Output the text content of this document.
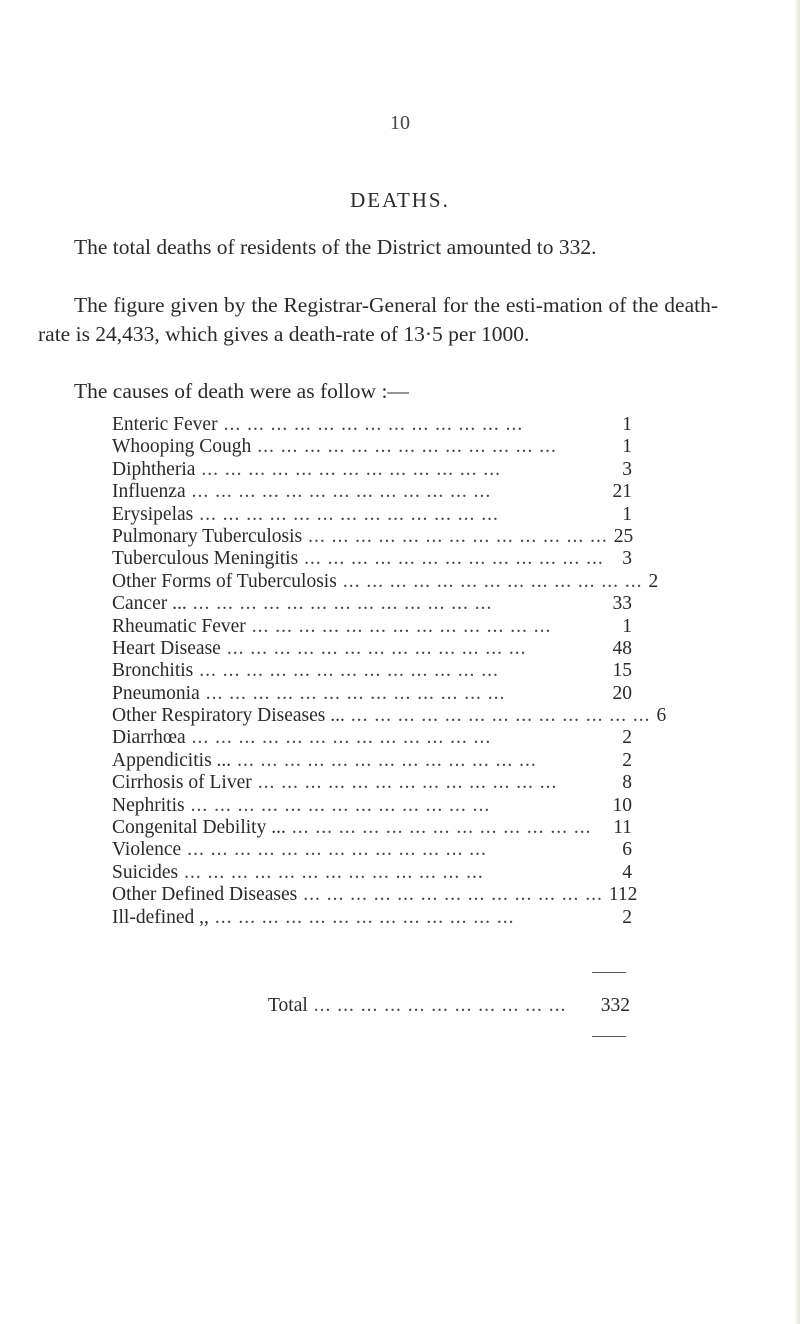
10
DEATHS.

The total deaths of residents of the District amounted to 332.

The figure given by the Registrar-General for the esti-mation of the death-rate is 24,433, which gives a death-rate of 13·5 per 1000.

The causes of death were as follow :—

Enteric Fever ... ... ... ... ... ... ... ... ... ... ... ... ...	1
Whooping Cough ... ... ... ... ... ... ... ... ... ... ... ... ...	1
Diphtheria ... ... ... ... ... ... ... ... ... ... ... ... ...	3
Influenza ... ... ... ... ... ... ... ... ... ... ... ... ...	21
Erysipelas ... ... ... ... ... ... ... ... ... ... ... ... ...	1
Pulmonary Tuberculosis ... ... ... ... ... ... ... ... ... ... ... ... ... 25
Tuberculous Meningitis ... ... ... ... ... ... ... ... ... ... ... ... ... 3
Other Forms of Tuberculosis ... ... ... ... ... ... ... ... ... ... ... ... ... 2
Cancer ... ... ... ... ... ... ... ... ... ... ... ... ... ...	33
Rheumatic Fever ... ... ... ... ... ... ... ... ... ... ... ... ...	1
Heart Disease ... ... ... ... ... ... ... ... ... ... ... ... ...	48
Bronchitis ... ... ... ... ... ... ... ... ... ... ... ... ...	15
Pneumonia ... ... ... ... ... ... ... ... ... ... ... ... ...	20
Other Respiratory Diseases ... ... ... ... ... ... ... ... ... ... ... ... ... ... 6
Diarrhœa ... ... ... ... ... ... ... ... ... ... ... ... ...	2
Appendicitis ... ... ... ... ... ... ... ... ... ... ... ... ... ...	2
Cirrhosis of Liver ... ... ... ... ... ... ... ... ... ... ... ... ...	8
Nephritis ... ... ... ... ... ... ... ... ... ... ... ... ...	10
Congenital Debility ... ... ... ... ... ... ... ... ... ... ... ... ... ...	11
Violence ... ... ... ... ... ... ... ... ... ... ... ... ...	6
Suicides ... ... ... ... ... ... ... ... ... ... ... ... ...	4
Other Defined Diseases ... ... ... ... ... ... ... ... ... ... ... ... ... 112
Ill-defined ,, ... ... ... ... ... ... ... ... ... ... ... ... ...	2
Total ... ... ... ... ... ... ... ... ... ... ...	332
